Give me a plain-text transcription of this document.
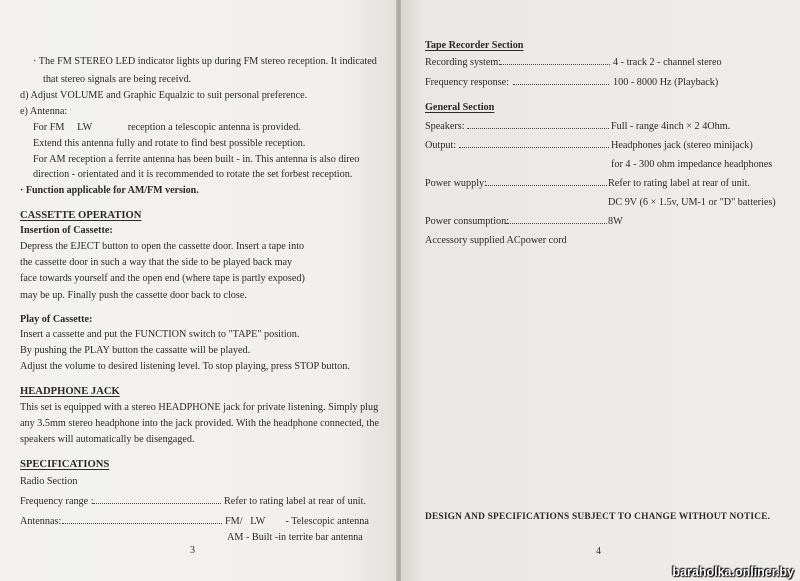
· The FM STEREO LED indicator lights up during FM stereo reception. It indicated
that stereo signals are being receivd.
d) Adjust VOLUME and Graphic Equalzic to suit personal preference.
e) Antenna:
For FM     LW              reception a telescopic antenna is provided.
Extend this antenna fully and rotate to find best possible reception.
For AM reception a ferrite antenna has been built - in. This antenna is also direo
direction - orientated and it is recommended to rotate the set forbest reception.
· Function applicable for AM/FM version.
CASSETTE OPERATION
Insertion of Cassette:
Depress the EJECT button to open the cassette door. Insert a tape into
the cassette door in such a way that the side to be played back may
face towards yourself and the open end (where tape is partly exposed)
may be up. Finally push the cassette door back to close.
Play of Cassette:
Insert a cassette and put the FUNCTION switch to "TAPE" position.
By pushing the PLAY button the cassatte will be played.
Adjust the volume to desired listening level. To stop playing, press STOP button.
HEADPHONE JACK
This set is equipped with a stereo HEADPHONE jack for private listening. Simply plug
any 3.5mm stereo headphone into the jack provided. With the headphone connected, the
speakers will automatically be disengaged.
SPECIFICATIONS
Radio Section
Frequency range :	Refer to rating label at rear of unit.
Antennas:	FM/   LW        - Telescopic antenna
AM - Built -in territe bar antenna
3
Tape Recorder Section
Recording system:	4 - track 2 - channel stereo
Frequency response:	100 - 8000 Hz (Playback)
General Section
Speakers:	Full - range 4inch × 2 4Ohm.
Output:	Headphones jack (stereo minijack)
for 4 - 300 ohm impedance headphones
Power wupply:	Refer to rating label at rear of unit.
DC 9V (6 × 1.5v, UM-1 or "D" batteries)
Power consumption:	8W
Accessory supplied ACpower cord
DESIGN AND SPECIFICATIONS SUBJECT TO CHANGE WITHOUT NOTICE.
4
baraholka.onliner.by
